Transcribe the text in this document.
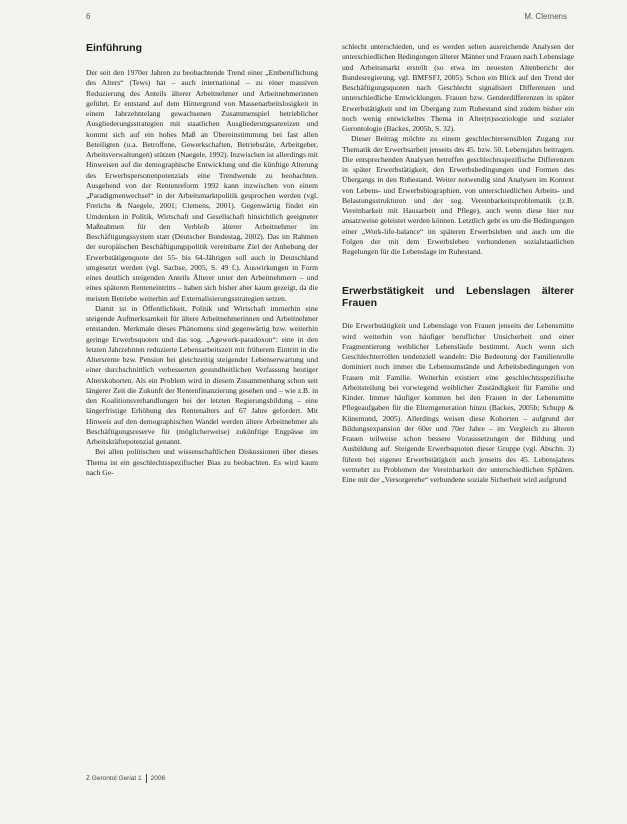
6	M. Clemens
Einführung

Der seit den 1970er Jahren zu beobachtende Trend einer „Entberuflichung des Alters“ (Tews) hat – auch international – zu einer massiven Reduzierung des Anteils älterer Arbeitnehmer und Arbeitnehmerinnen geführt. Er entstand auf dem Hintergrund von Massenarbeitslosigkeit in einem Jahrzehntelang gewachsenen Zusammenspiel betrieblicher Ausgliederungsstrategien mit staatlichen Ausgliederungsanreizen und kommt sich auf ein hohes Maß an Übereinstimmung bei fast allen Beteiligten (u.a. Betroffene, Gewerkschaften, Betriebsräte, Arbeitgeber, Arbeitsverwaltungen) stützen (Naegele, 1992). Inzwischen ist allerdings mit Hinweisen auf die demographische Entwicklung und die künftige Alterung des Erwerbspersonenpotenzials eine Trendwende zu beobachten. Ausgehend von der Rentenreform 1992 kann inzwischen von einem „Paradigmenwechsel“ in der Arbeitsmarktpolitik gesprochen werden (vgl. Frerichs & Naegele, 2001; Clemens, 2001). Gegenwärtig findet ein Umdenken in Politik, Wirtschaft und Gesellschaft hinsichtlich geeigneter Maßnahmen für den Verbleib älterer Arbeitnehmer im Beschäftigungssystem statt (Deutscher Bundestag, 2002). Das im Rahmen der europäischen Beschäftigungspolitik vereinbarte Ziel der Anhebung der Erwerbstätigenquote der 55- bis 64-Jährigen soll auch in Deutschland umgesetzt werden (vgl. Sachse, 2005, S. 49 f.). Auswirkungen in Form eines deutlich steigenden Anteils Älterer unter den Arbeitnehmern – und eines späteren Renteneintritts – haben sich bisher aber kaum gezeigt, da die meisten Betriebe weiterhin auf Externalisierungsstrategien setzen.

Damit ist in Öffentlichkeit, Politik und Wirtschaft immerhin eine steigende Aufmerksamkeit für ältere Arbeitnehmerinnen und Arbeitnehmer entstanden. Merkmale dieses Phänomens sind gegenwärtig bzw. weiterhin geringe Erwerbsquoten und das sog. „Agework-paradoxon“: eine in den letzten Jahrzehnten reduzierte Lebensarbeitszeit mit früherem Eintritt in die Altersrente bzw. Pension bei gleichzeitig steigender Lebenserwartung und einer durchschnittlich verbesserten gesundheitlichen Verfassung heutiger Alterskohorten. Als ein Problem wird in diesem Zusammenhang schon seit längerer Zeit die Zukunft der Rentenfinanzierung gesehen und – wie z.B. in den Koalitionsverhandlungen bei der letzten Regierungsbildung – eine längerfristige Erhöhung des Rentenalters auf 67 Jahre gefordert. Mit Hinweis auf den demographischen Wandel werden ältere Arbeitnehmer als Beschäftigungsreserve für (möglicherweise) zukünftige Engpässe im Arbeitskräftepotenzial genannt.

Bei allen politischen und wissenschaftlichen Diskussionen über dieses Thema ist ein geschlechtsspezifischer Bias zu beobachten. Es wird kaum nach Ge-

schlecht unterschieden, und es werden selten ausreichende Analysen der unterschiedlichen Bedingungen älterer Männer und Frauen nach Lebenslage und Arbeitsmarkt erstellt (so etwa im neuesten Altenbericht der Bundesregierung, vgl. BMFSFJ, 2005). Schon ein Blick auf den Trend der Beschäftigungsquoten nach Geschlecht signalisiert Differenzen und unterschiedliche Entwicklungen. Frauen bzw. Genderdifferenzen in später Erwerbstätigkeit und im Übergang zum Ruhestand sind zudem bisher ein noch wenig entwickeltes Thema in Alter(n)ssoziologie und sozialer Gerontologie (Backes, 2005b, S. 32).

Dieser Beitrag möchte zu einem geschlechtersensiblen Zugang zur Thematik der Erwerbsarbeit jenseits des 45. bzw. 50. Lebensjahrs beitragen. Die entsprechenden Analysen betreffen geschlechtsspezifische Differenzen in später Erwerbstätigkeit, den Erwerbsbedingungen und Formen des Übergangs in den Ruhestand. Weiter notwendig sind Analysen im Kontext von Lebens- und Erwerbsbiographien, von unterschiedlichen Arbeits- und Belastungsstrukturen und der sog. Vereinbarkeitsproblematik (z.B. Vereinbarkeit mit Hausarbeit und Pflege), auch wenn diese hier nur ansatzweise geleistet werden können. Letztlich geht es um die Bedingungen einer „Work-life-balance“ im späteren Erwerbsleben und auch um die Folgen der mit dem Erwerbsleben verbundenen sozialstaatlichen Regelungen für die Lebenslage im Ruhestand.

Erwerbstätigkeit und Lebenslagen älterer Frauen

Die Erwerbstätigkeit und Lebenslage von Frauen jenseits der Lebensmitte wird weiterhin von häufiger beruflicher Unsicherheit und einer Fragmentierung weiblicher Lebensläufe bestimmt. Auch wenn sich Geschlechterrollen tendenziell wandeln: Die Bedeutung der Familienrolle dominiert noch immer die Lebensumstände und Arbeitsbedingungen von Frauen mit Familie. Weiterhin existiert eine geschlechtsspezifische Arbeitsteilung bei vorwiegend weiblicher Zuständigkeit für Familie und Kinder. Immer häufiger kommen bei den Frauen in der Lebensmitte Pflegeaufgaben für die Elterngeneration hinzu (Backes, 2005b; Schupp & Künemund, 2005). Allerdings weisen diese Kohorten – aufgrund der Bildungsexpansion der 60er und 70er Jahre – im Vergleich zu älteren Frauen teilweise schon bessere Voraussetzungen der Bildung und Ausbildung auf. Steigende Erwerbsquoten dieser Gruppe (vgl. Abschn. 3) führen bei eigener Erwerbstätigkeit auch jenseits des 45. Lebensjahres vermehrt zu Problemen der Vereinbarkeit der unterschiedlichen Sphären. Eine mit der „Versorgerehe“ verbundene soziale Sicherheit wird aufgrund

Z Gerontol Geriat 1 2006
